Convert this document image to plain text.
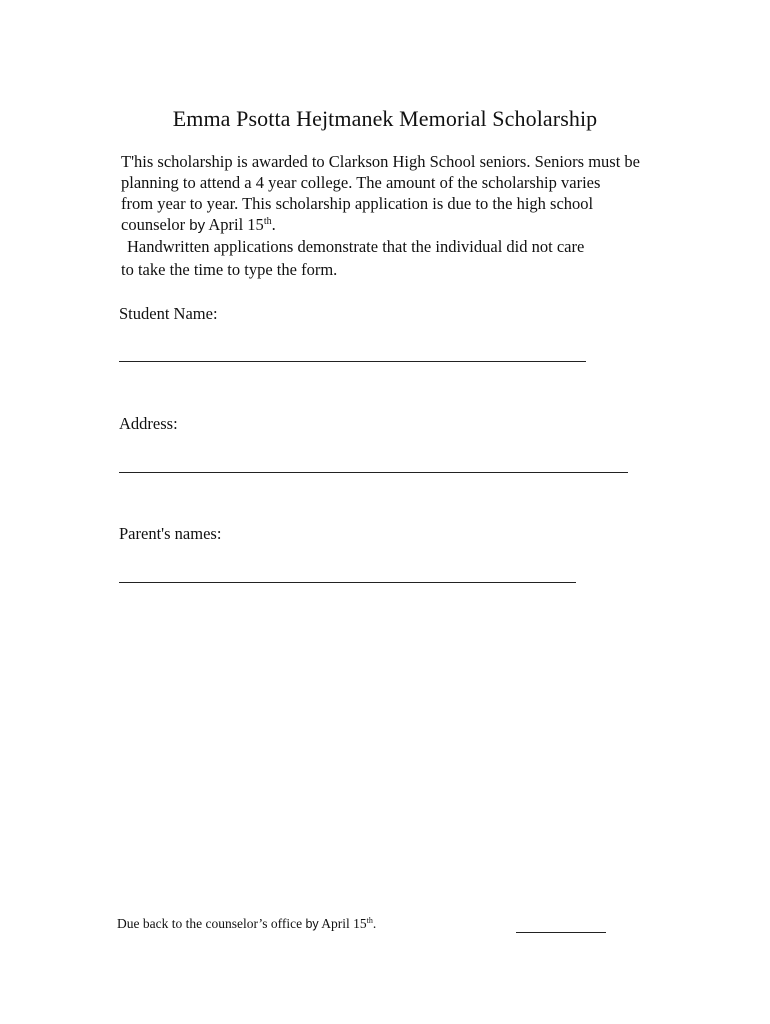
Emma Psotta Hejtmanek Memorial Scholarship
T'his scholarship is awarded to Clarkson High School seniors. Seniors must be
planning to attend a 4 year college. The amount of the scholarship varies
from year to year. This scholarship application is due to the high school
counselor by April 15th.
Handwritten applications demonstrate that the individual did not care
to take the time to type the form.
Student Name:
Address:
Parent's names:
Due back to the counselor’s office by April 15th.
